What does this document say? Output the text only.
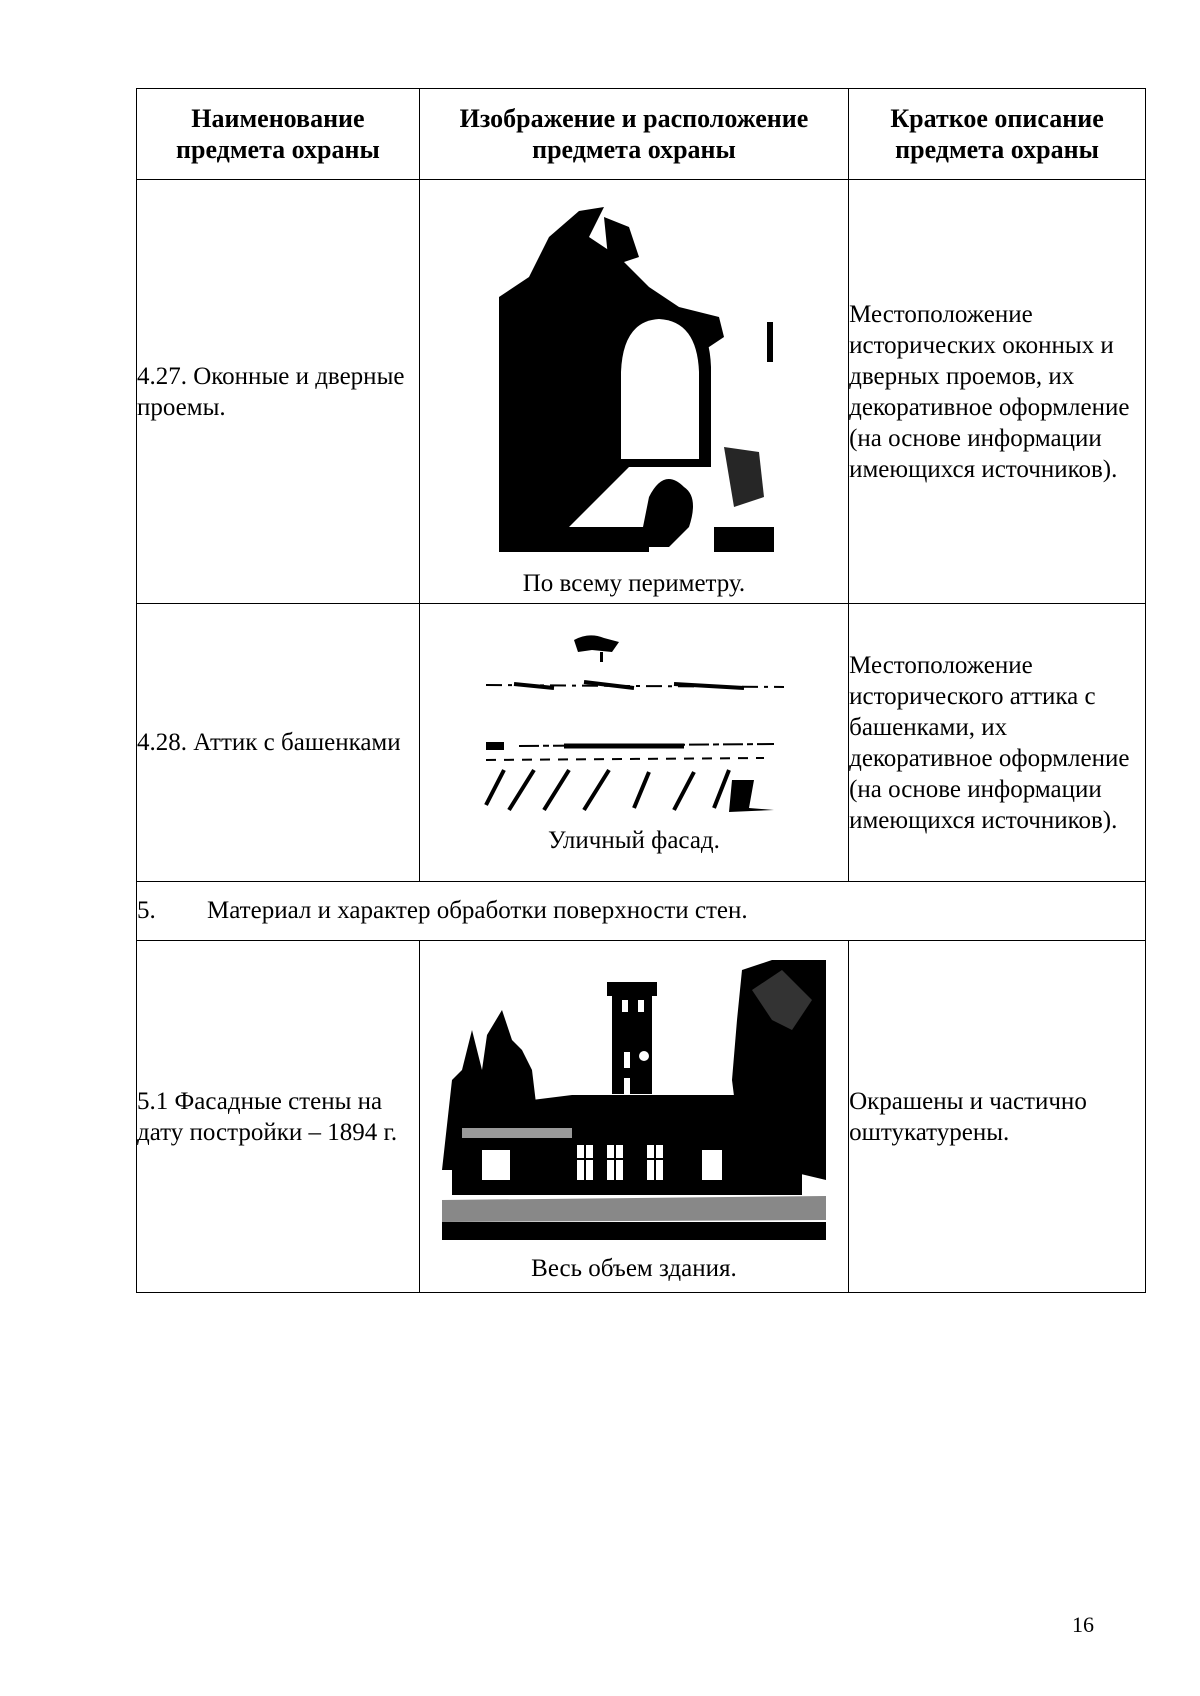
Наименование предмета охраны	Изображение и расположение предмета охраны	Краткое описание предмета охраны
4.27. Оконные и дверные проемы.	По всему периметру.	Местоположение исторических оконных и дверных проемов, их декоративное оформление (на основе информации имеющихся источников).
4.28. Аттик с башенками	Уличный фасад.	Местоположение исторического аттика с башенками, их декоративное оформление (на основе информации имеющихся источников).
5. Материал и характер обработки поверхности стен.		
5.1 Фасадные стены на дату постройки – 1894 г.	Весь объем здания.	Окрашены и частично оштукатурены.
16
